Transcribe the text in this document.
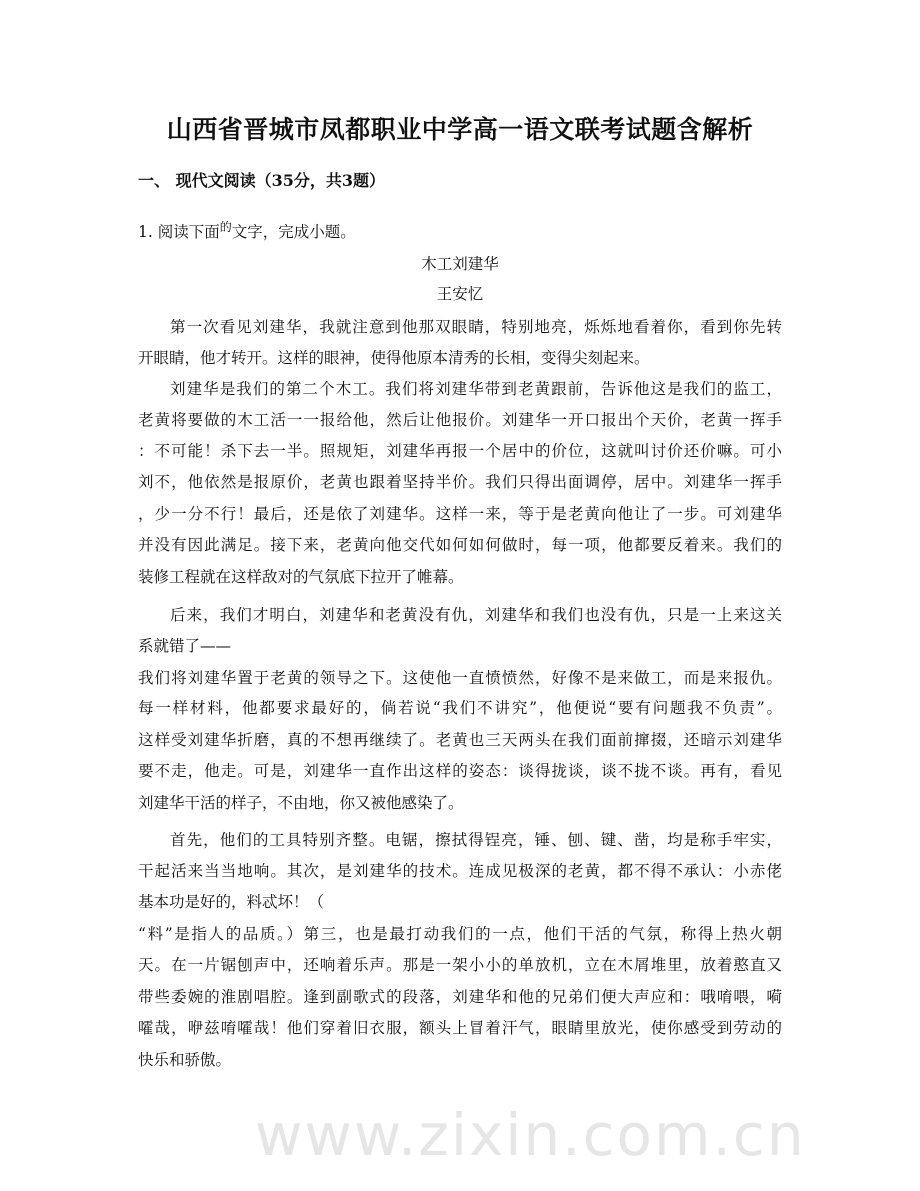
山西省晋城市凤都职业中学高一语文联考试题含解析
一、 现代文阅读（35分，共3题）
1. 阅读下面$^的$文字，完成小题。
木工刘建华
王安忆
第一次看见刘建华，我就注意到他那双眼睛，特别地亮，烁烁地看着你，看到你先转
开眼睛，他才转开。这样的眼神，使得他原本清秀的长相，变得尖刻起来。
刘建华是我们的第二个木工。我们将刘建华带到老黄跟前，告诉他这是我们的监工，
老黄将要做的木工活一一报给他，然后让他报价。刘建华一开口报出个天价，老黄一挥手
：不可能！杀下去一半。照规矩，刘建华再报一个居中的价位，这就叫讨价还价嘛。可小
刘不，他依然是报原价，老黄也跟着坚持半价。我们只得出面调停，居中。刘建华一挥手
，少一分不行！最后，还是依了刘建华。这样一来，等于是老黄向他让了一步。可刘建华
并没有因此满足。接下来，老黄向他交代如何如何做时，每一项，他都要反着来。我们的
装修工程就在这样敌对的气氛底下拉开了帷幕。
后来，我们才明白，刘建华和老黄没有仇，刘建华和我们也没有仇，只是一上来这关
系就错了——
我们将刘建华置于老黄的领导之下。这使他一直愤愤然，好像不是来做工，而是来报仇。
每一样材料，他都要求最好的，倘若说“我们不讲究”，他便说“要有问题我不负责”。
这样受刘建华折磨，真的不想再继续了。老黄也三天两头在我们面前撺掇，还暗示刘建华
要不走，他走。可是，刘建华一直作出这样的姿态：谈得拢谈，谈不拢不谈。再有，看见
刘建华干活的样子，不由地，你又被他感染了。
首先，他们的工具特别齐整。电锯，擦拭得锃亮，锤、刨、键、凿，均是称手牢实，
干起活来当当地响。其次，是刘建华的技术。连成见极深的老黄，都不得不承认：小赤佬
基本功是好的，料忒坏！（
“料”是指人的品质。）第三，也是最打动我们的一点，他们干活的气氛，称得上热火朝
天。在一片锯刨声中，还响着乐声。那是一架小小的单放机，立在木屑堆里，放着憨直又
带些委婉的淮剧唱腔。逢到副歌式的段落，刘建华和他的兄弟们便大声应和：哦唷喂，嗬
嚯哉，咿兹唷嚯哉！他们穿着旧衣服，额头上冒着汗气，眼睛里放光，使你感受到劳动的
快乐和骄傲。
www.zixin.com.cn
